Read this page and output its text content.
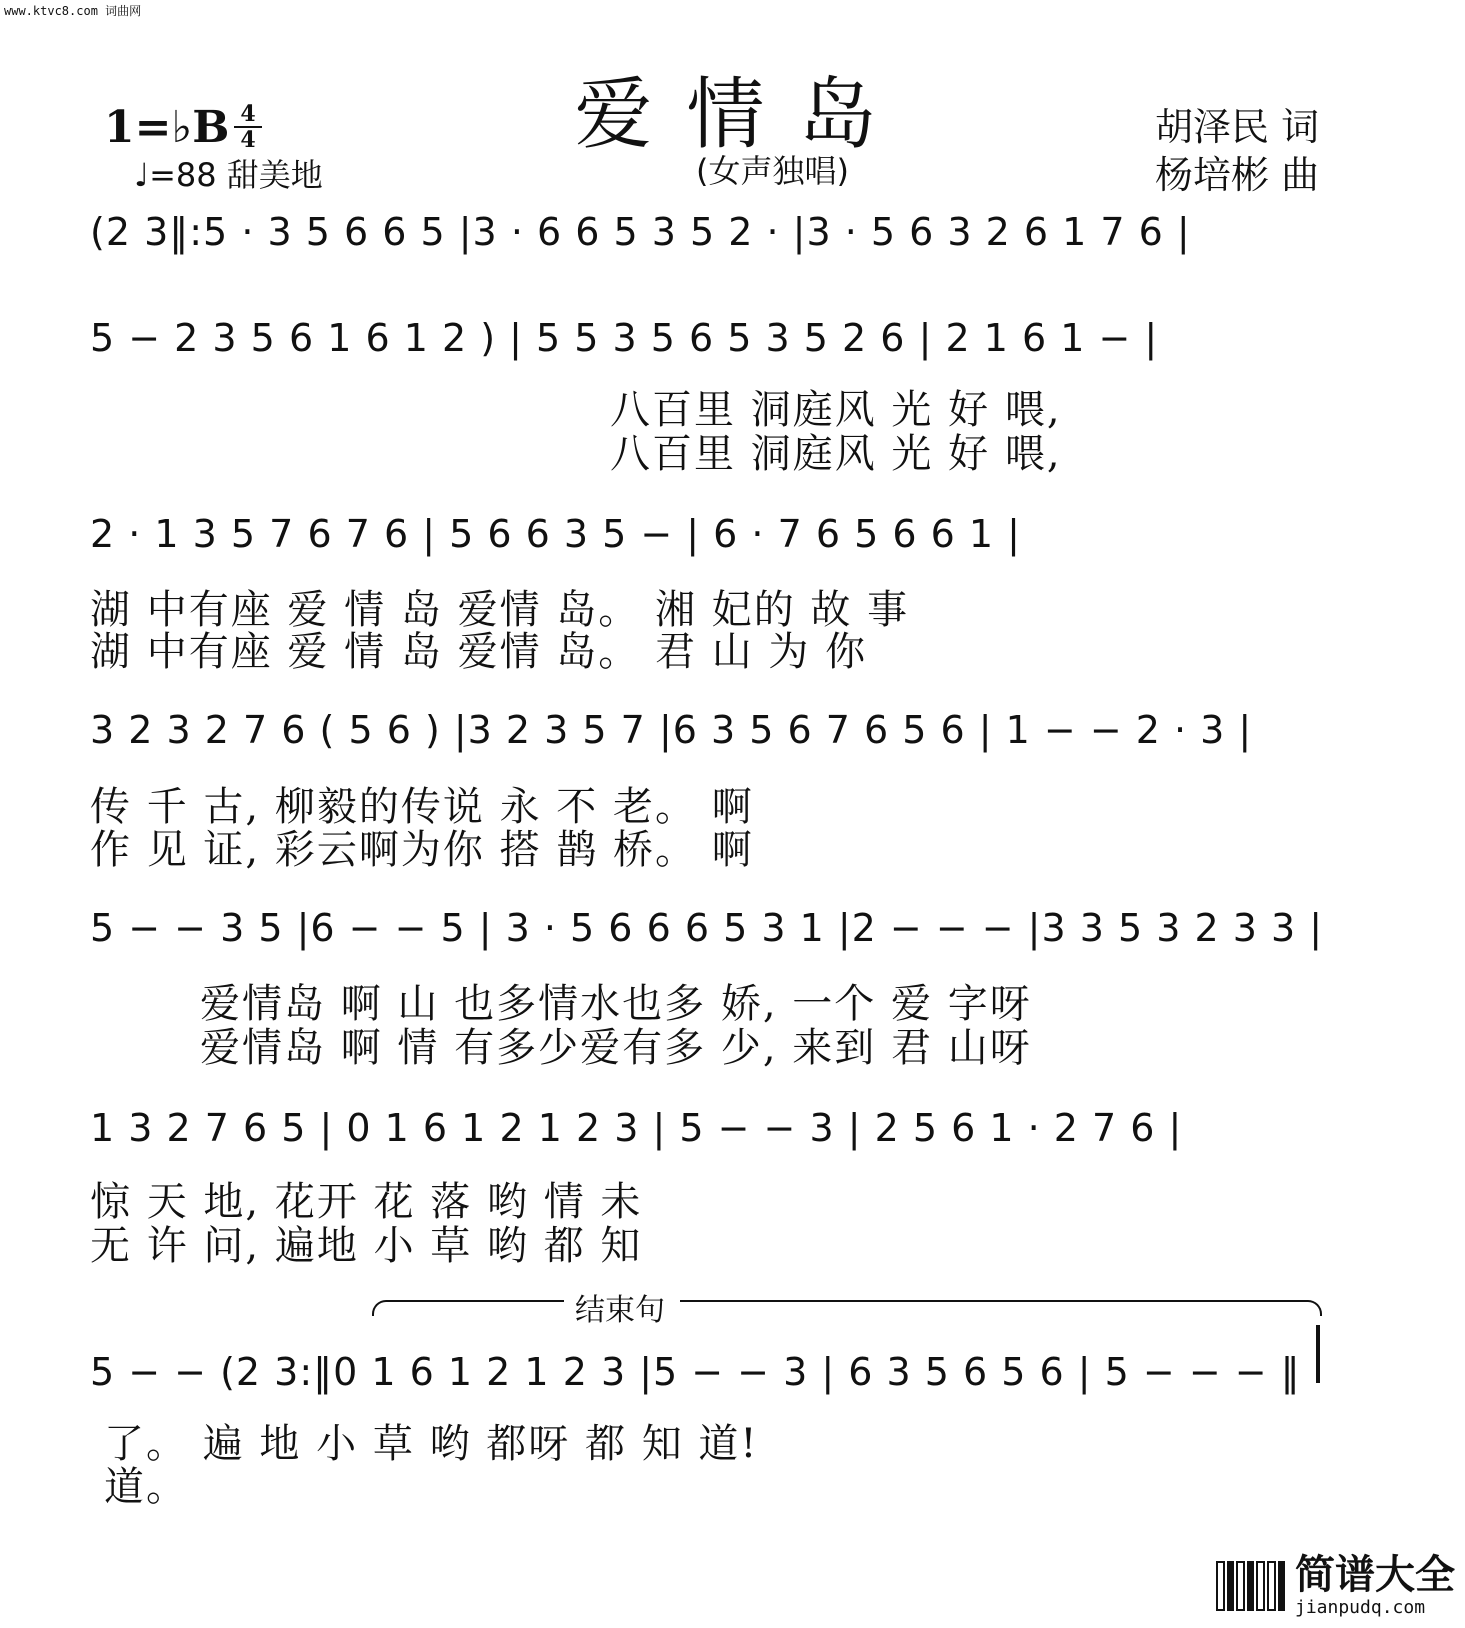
www.ktvc8.com 词曲网
爱情岛
(女声独唱)
1=♭B 4
4
♩=88 甜美地
胡泽民 词
杨培彬 曲
(2 3‖:5 · 3 5 6 6 5 |3 · 6 6 5 3 5 2 · |3 · 5 6 3 2 6 1 7 6 |
5 − 2 3 5 6 1 6 1 2 ) | 5 5 3 5 6 5 3 5 2 6 | 2 1 6 1 − |
八百里 洞庭风 光 好 喂,
八百里 洞庭风 光 好 喂,
2 · 1 3 5 7 6 7 6 | 5 6 6 3 5 − | 6 · 7 6 5 6 6 1 |
湖 中有座 爱 情 岛 爱情 岛。 湘 妃的 故 事
湖 中有座 爱 情 岛 爱情 岛。 君 山 为 你
3 2 3 2 7 6 ( 5 6 ) |3 2 3 5 7 |6 3 5 6 7 6 5 6 | 1 − − 2 · 3 |
传 千 古, 柳毅的传说 永 不 老。 啊
作 见 证, 彩云啊为你 搭 鹊 桥。 啊
5 − − 3 5 |6 − − 5 | 3 · 5 6 6 6 5 3 1 |2 − − − |3 3 5 3 2 3 3 |
爱情岛 啊 山 也多情水也多 娇, 一个 爱 字呀
爱情岛 啊 情 有多少爱有多 少, 来到 君 山呀
1 3 2 7 6 5 | 0 1 6 1 2 1 2 3 | 5 − − 3 | 2 5 6 1 · 2 7 6 |
惊 天 地, 花开 花 落 哟 情 未
无 许 问, 遍地 小 草 哟 都 知
结束句
5 − − (2 3:‖0 1 6 1 2 1 2 3 |5 − − 3 | 6 3 5 6 5 6 | 5 − − − ‖
了。 遍 地 小 草 哟 都呀 都 知 道!
道。
简谱大全
jianpudq.com
